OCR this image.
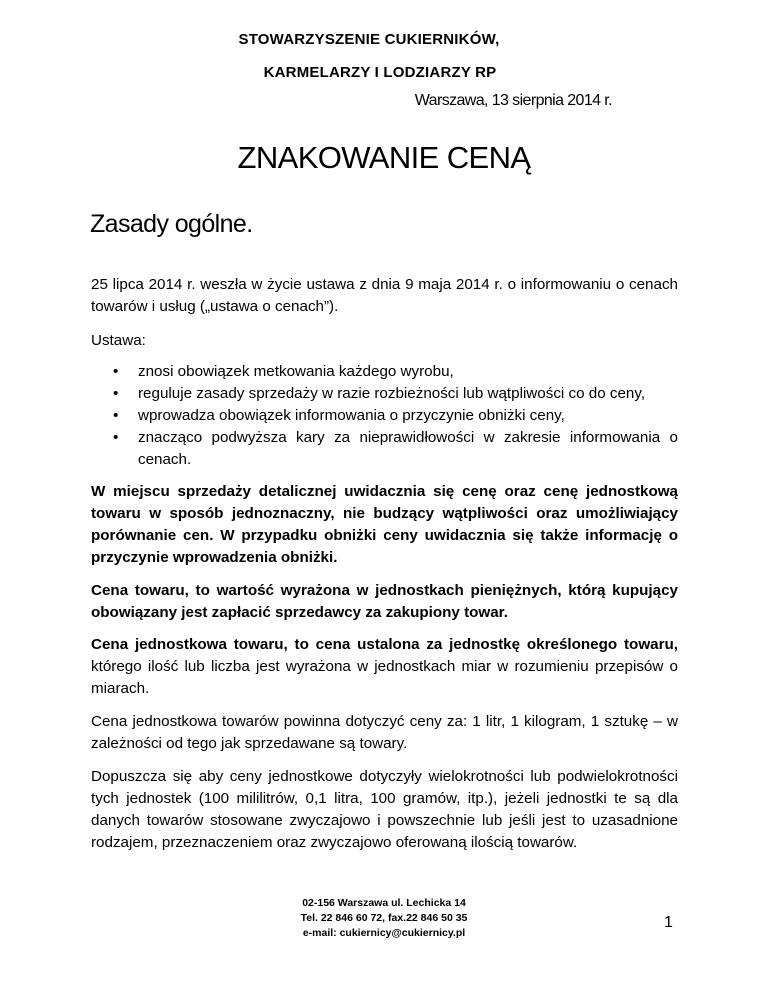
STOWARZYSZENIE CUKIERNIKÓW,
KARMELARZY I LODZIARZY RP
Warszawa, 13 sierpnia 2014 r.
ZNAKOWANIE CENĄ
Zasady ogólne.
25 lipca 2014 r. weszła w życie ustawa z dnia 9 maja 2014 r. o informowaniu o cenach towarów i usług („ustawa o cenach”).
Ustawa:
• znosi obowiązek metkowania każdego wyrobu,
• reguluje zasady sprzedaży w razie rozbieżności lub wątpliwości co do ceny,
• wprowadza obowiązek informowania o przyczynie obniżki ceny,
• znacząco podwyższa kary za nieprawidłowości w zakresie informowania o cenach.
W miejscu sprzedaży detalicznej uwidacznia się cenę oraz cenę jednostkową towaru w sposób jednoznaczny, nie budzący wątpliwości oraz umożliwiający porównanie cen. W przypadku obniżki ceny uwidacznia się także informację o przyczynie wprowadzenia obniżki.
Cena towaru, to wartość wyrażona w jednostkach pieniężnych, którą kupujący obowiązany jest zapłacić sprzedawcy za zakupiony towar.
Cena jednostkowa towaru, to cena ustalona za jednostkę określonego towaru, którego ilość lub liczba jest wyrażona w jednostkach miar w rozumieniu przepisów o miarach.
Cena jednostkowa towarów powinna dotyczyć ceny za: 1 litr, 1 kilogram, 1 sztukę – w zależności od tego jak sprzedawane są towary.
Dopuszcza się aby ceny jednostkowe dotyczyły wielokrotności lub podwielokrotności tych jednostek (100 mililitrów, 0,1 litra, 100 gramów, itp.), jeżeli jednostki te są dla danych towarów stosowane zwyczajowo i powszechnie lub jeśli jest to uzasadnione rodzajem, przeznaczeniem oraz zwyczajowo oferowaną ilością towarów.
02-156 Warszawa ul. Lechicka 14
Tel. 22 846 60 72, fax.22 846 50 35
e-mail: cukiernicy@cukiernicy.pl
1
